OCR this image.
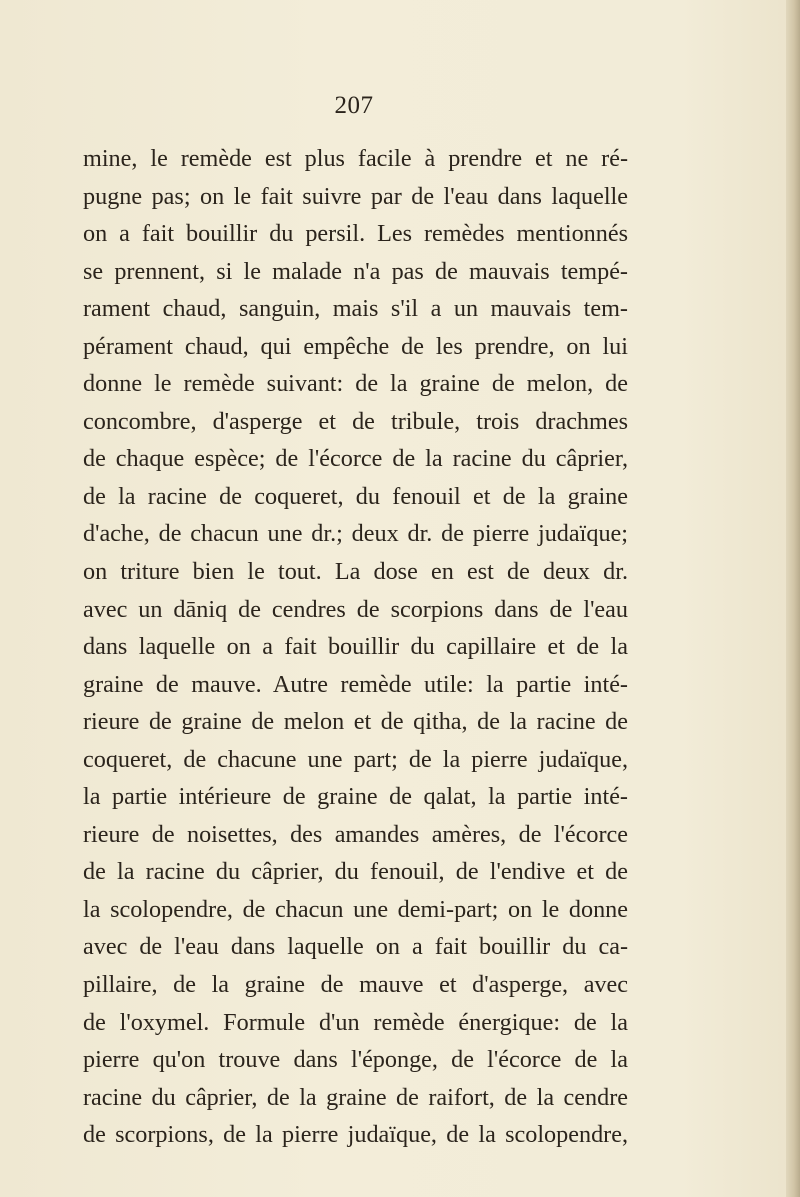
207
mine, le remède est plus facile à prendre et ne ré-
pugne pas; on le fait suivre par de l'eau dans laquelle
on a fait bouillir du persil. Les remèdes mentionnés
se prennent, si le malade n'a pas de mauvais tempé-
rament chaud, sanguin, mais s'il a un mauvais tem-
pérament chaud, qui empêche de les prendre, on lui
donne le remède suivant: de la graine de melon, de
concombre, d'asperge et de tribule, trois drachmes
de chaque espèce; de l'écorce de la racine du câprier,
de la racine de coqueret, du fenouil et de la graine
d'ache, de chacun une dr.; deux dr. de pierre judaïque;
on triture bien le tout. La dose en est de deux dr.
avec un dāniq de cendres de scorpions dans de l'eau
dans laquelle on a fait bouillir du capillaire et de la
graine de mauve. Autre remède utile: la partie inté-
rieure de graine de melon et de qitha, de la racine de
coqueret, de chacune une part; de la pierre judaïque,
la partie intérieure de graine de qalat, la partie inté-
rieure de noisettes, des amandes amères, de l'écorce
de la racine du câprier, du fenouil, de l'endive et de
la scolopendre, de chacun une demi-part; on le donne
avec de l'eau dans laquelle on a fait bouillir du ca-
pillaire, de la graine de mauve et d'asperge, avec
de l'oxymel. Formule d'un remède énergique: de la
pierre qu'on trouve dans l'éponge, de l'écorce de la
racine du câprier, de la graine de raifort, de la cendre
de scorpions, de la pierre judaïque, de la scolopendre,
